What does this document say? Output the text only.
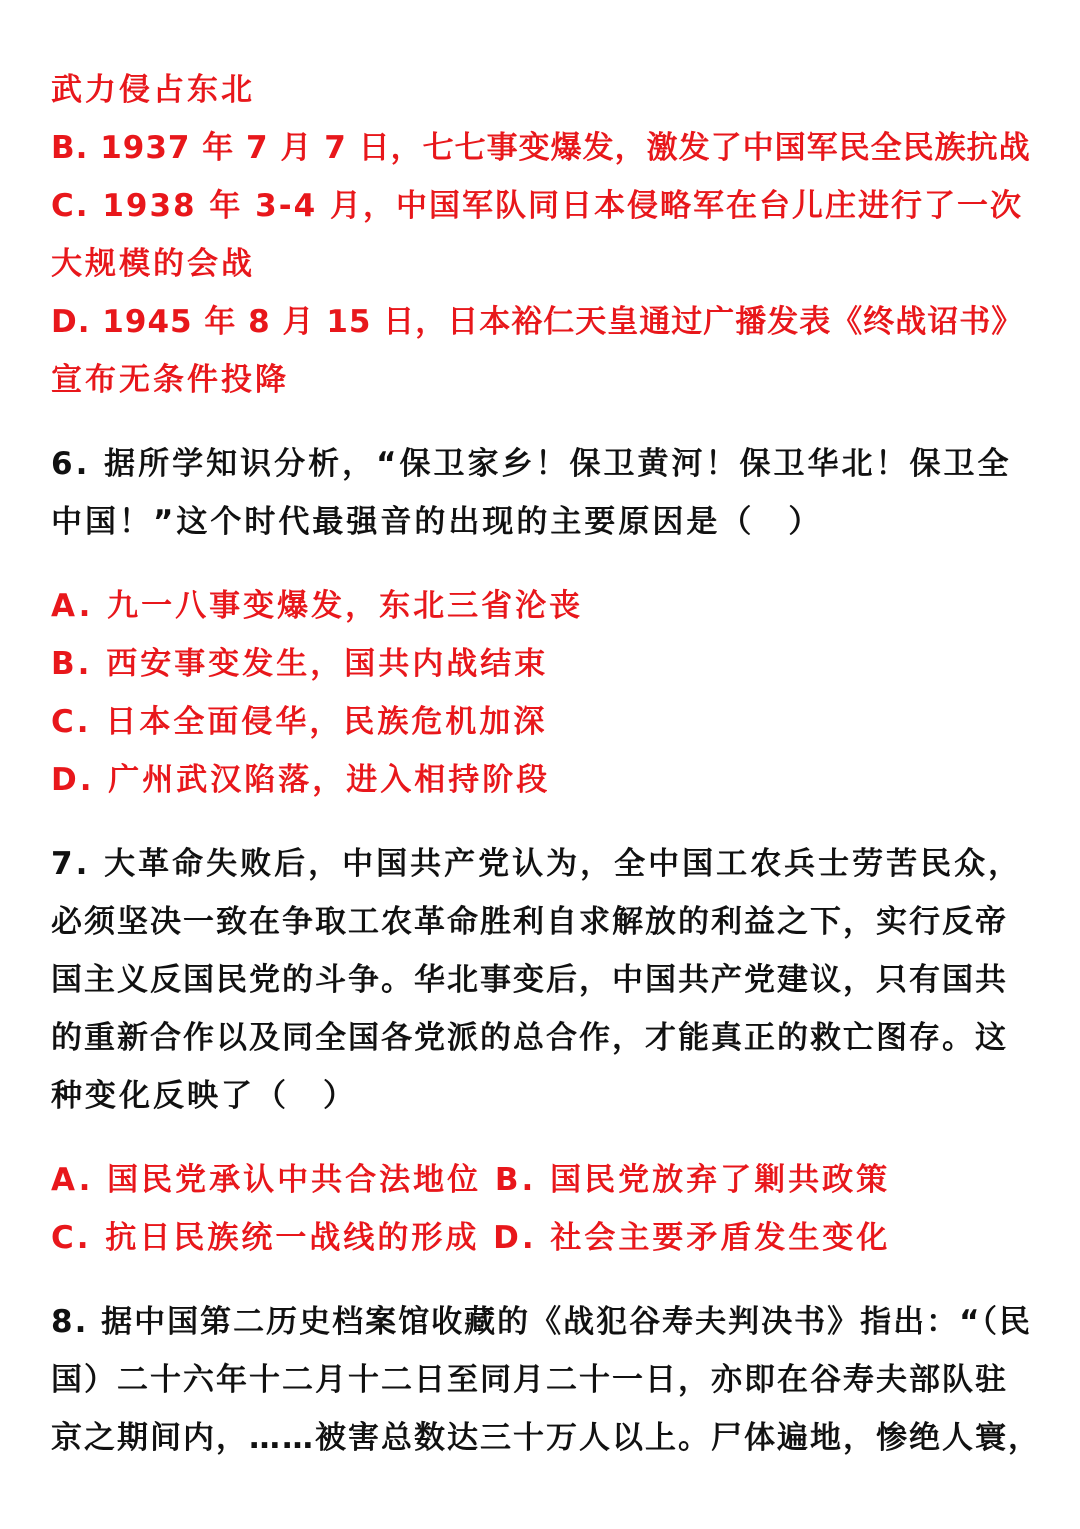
武力侵占东北
B. 1937 年 7 月 7 日，七七事变爆发，激发了中国军民全民族抗战
C. 1938 年 3-4 月，中国军队同日本侵略军在台儿庄进行了一次
大规模的会战
D. 1945 年 8 月 15 日，日本裕仁天皇通过广播发表《终战诏书》
宣布无条件投降
6. 据所学知识分析，“保卫家乡！保卫黄河！保卫华北！保卫全
中国！”这个时代最强音的出现的主要原因是（　）
A. 九一八事变爆发，东北三省沦丧
B. 西安事变发生，国共内战结束
C. 日本全面侵华，民族危机加深
D. 广州武汉陷落，进入相持阶段
7. 大革命失败后，中国共产党认为，全中国工农兵士劳苦民众，
必须坚决一致在争取工农革命胜利自求解放的利益之下，实行反帝
国主义反国民党的斗争。华北事变后，中国共产党建议，只有国共
的重新合作以及同全国各党派的总合作，才能真正的救亡图存。这
种变化反映了（　）
A. 国民党承认中共合法地位 B. 国民党放弃了剿共政策
C. 抗日民族统一战线的形成 D. 社会主要矛盾发生变化
8. 据中国第二历史档案馆收藏的《战犯谷寿夫判决书》指出：“（民
国）二十六年十二月十二日至同月二十一日，亦即在谷寿夫部队驻
京之期间内，……被害总数达三十万人以上。尸体遍地，惨绝人寰，
